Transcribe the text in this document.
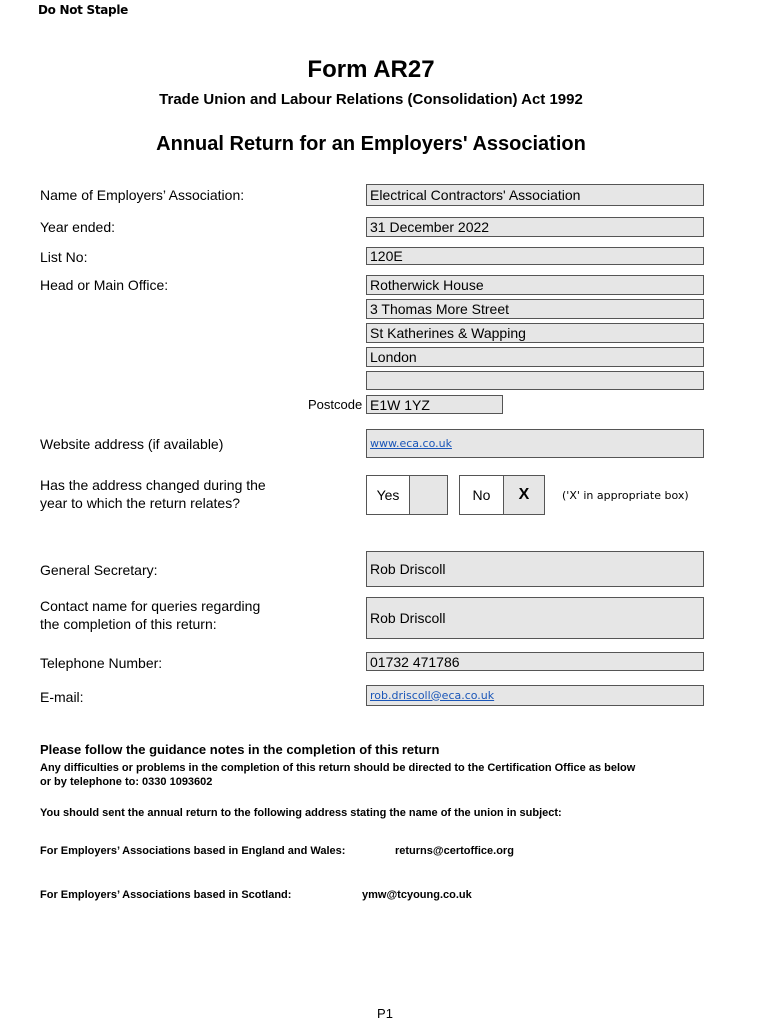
Do Not Staple
Form AR27
Trade Union and Labour Relations (Consolidation) Act 1992
Annual Return for an Employers' Association
Name of Employers’ Association:	Electrical Contractors' Association
Year ended:	31 December 2022
List No:	120E
Head or Main Office:	Rotherwick House
3 Thomas More Street
St Katherines & Wapping
London
Postcode E1W 1YZ
Website address (if available)	www.eca.co.uk
Has the address changed during the
year to which the return relates?	Yes	No	X	('X' in appropriate box)
General Secretary:	Rob Driscoll
Contact name for queries regarding
the completion of this return:	Rob Driscoll
Telephone Number:	01732 471786
E-mail:	rob.driscoll@eca.co.uk
Please follow the guidance notes in the completion of this return
Any difficulties or problems in the completion of this return should be directed to the Certification Office as below
or by telephone to: 0330 1093602
You should sent the annual return to the following address stating the name of the union in subject:
For Employers’ Associations based in England and Wales:	returns@certoffice.org
For Employers’ Associations based in Scotland:	ymw@tcyoung.co.uk
P1
